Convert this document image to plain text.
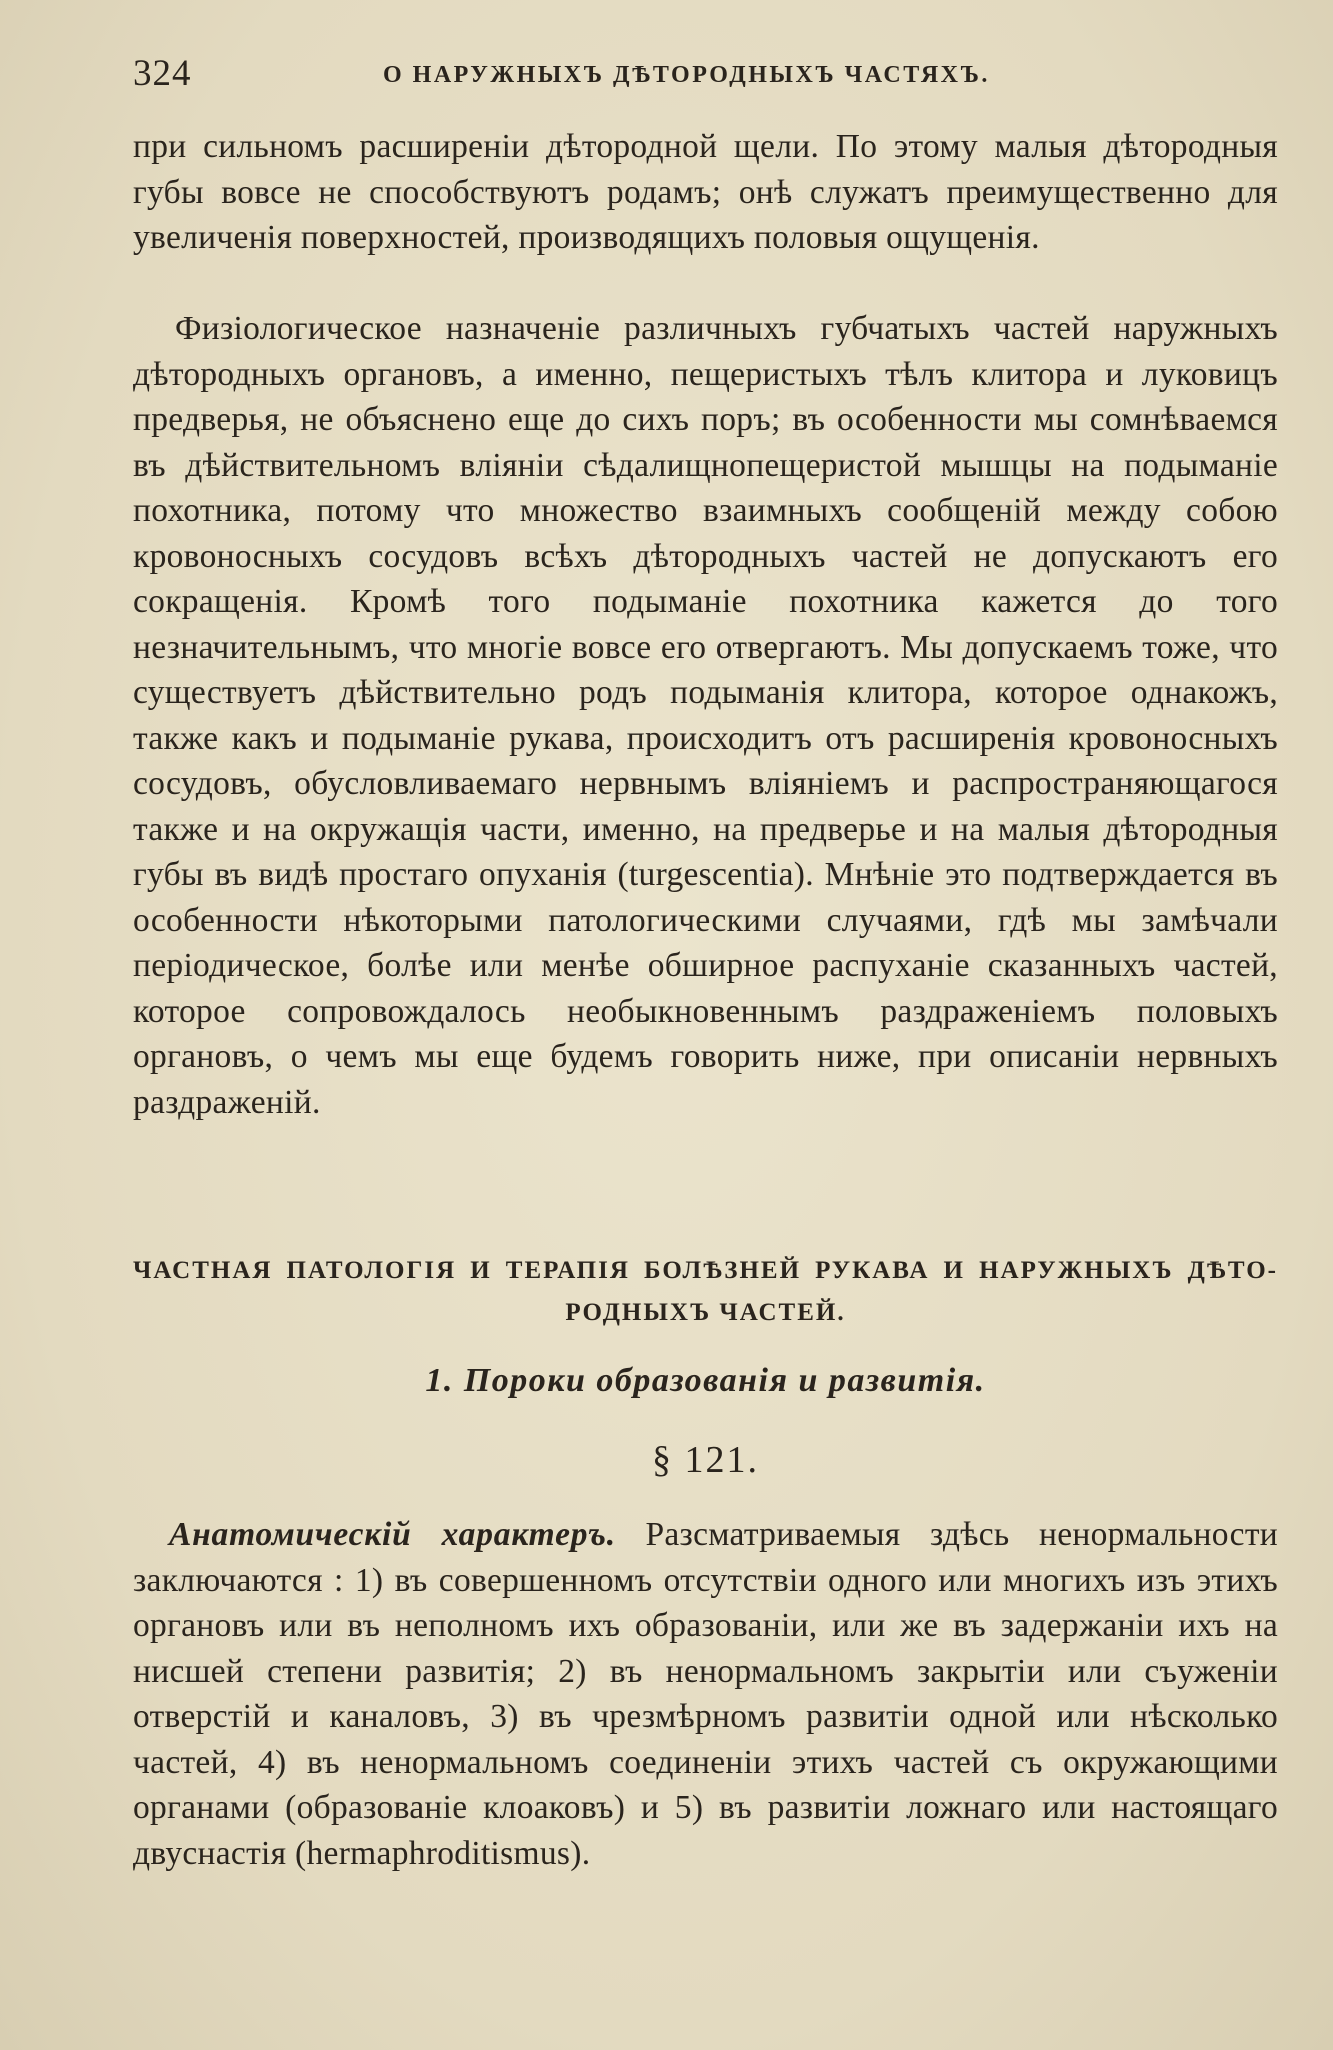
324	О НАРУЖНЫХЪ ДѢТОРОДНЫХЪ ЧАСТЯХЪ.
при сильномъ расширенiи дѣтородной щели. По этому малыя дѣтородныя губы вовсе не способствуютъ родамъ; онѣ служатъ преимущественно для увеличенiя поверхностей, производящихъ половыя ощущенiя.
Физiологическое назначенiе различныхъ губчатыхъ частей наружныхъ дѣтородныхъ органовъ, а именно, пещеристыхъ тѣлъ клитора и луковицъ предверья, не объяснено еще до сихъ поръ; въ особенности мы сомнѣваемся въ дѣйствительномъ влiянiи сѣдалищнопещеристой мышцы на подыманiе похотника, потому что множество взаимныхъ сообщенiй между собою кровоносныхъ сосудовъ всѣхъ дѣтородныхъ частей не допускаютъ его сокращенiя. Кромѣ того подыманiе похотника кажется до того незначительнымъ, что многiе вовсе его отвергаютъ. Мы допускаемъ тоже, что существуетъ дѣйствительно родъ подыманiя клитора, которое однакожъ, также какъ и подыманiе рукава, происходитъ отъ расширенiя кровоносныхъ сосудовъ, обусловливаемаго нервнымъ влiянiемъ и распространяющагося также и на окружащiя части, именно, на предверье и на малыя дѣтородныя губы въ видѣ простаго опуханiя (turgescentia). Мнѣнiе это подтверждается въ особенности нѣкоторыми патологическими случаями, гдѣ мы замѣчали перiодическое, болѣе или менѣе обширное распуханiе сказанныхъ частей, которое сопровождалось необыкновеннымъ раздраженiемъ половыхъ органовъ, о чемъ мы еще будемъ говорить ниже, при описанiи нервныхъ раздраженiй.
ЧАСТНАЯ ПАТОЛОГIЯ И ТЕРАПIЯ БОЛѢЗНЕЙ РУКАВА И НАРУЖНЫХЪ ДѢТО-
РОДНЫХЪ ЧАСТЕЙ.
1. Пороки образованiя и развитiя.
§ 121.
Анатомическiй характеръ. Разсматриваемыя здѣсь ненормальности заключаются : 1) въ совершенномъ отсутствiи одного или многихъ изъ этихъ органовъ или въ неполномъ ихъ образованiи, или же въ задержанiи ихъ на нисшей степени развитiя; 2) въ ненормальномъ закрытiи или съуженiи отверстiй и каналовъ, 3) въ чрезмѣрномъ развитiи одной или нѣсколько частей, 4) въ ненормальномъ соединенiи этихъ частей съ окружающими органами (образованiе клоаковъ) и 5) въ развитiи ложнаго или настоящаго двуснастiя (hermaphroditismus).
